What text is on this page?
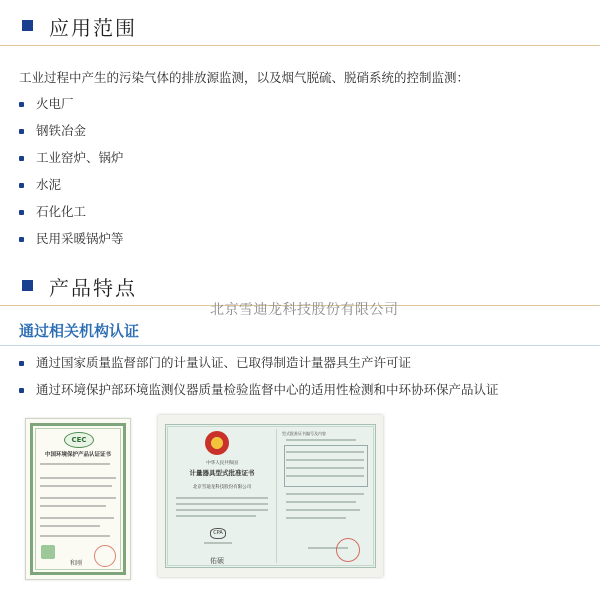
应用范围
工业过程中产生的污染气体的排放源监测，以及烟气脱硫、脱硝系统的控制监测：
火电厂
钢铁冶金
工业窑炉、锅炉
水泥
石化化工
民用采暖锅炉等
产品特点
北京雪迪龙科技股份有限公司
通过相关机构认证
通过国家质量监督部门的计量认证、已取得制造计量器具生产许可证
通过环境保护部环境监测仪器质量检验监督中心的适用性检测和中环协环保产品认证
CEC
中国环境保护产品认证证书
和刚
中华人民共和国
计量器具型式批准证书
北京雪迪龙科技股份有限公司
CPA
佑硕
型式批准证书编号及内容
